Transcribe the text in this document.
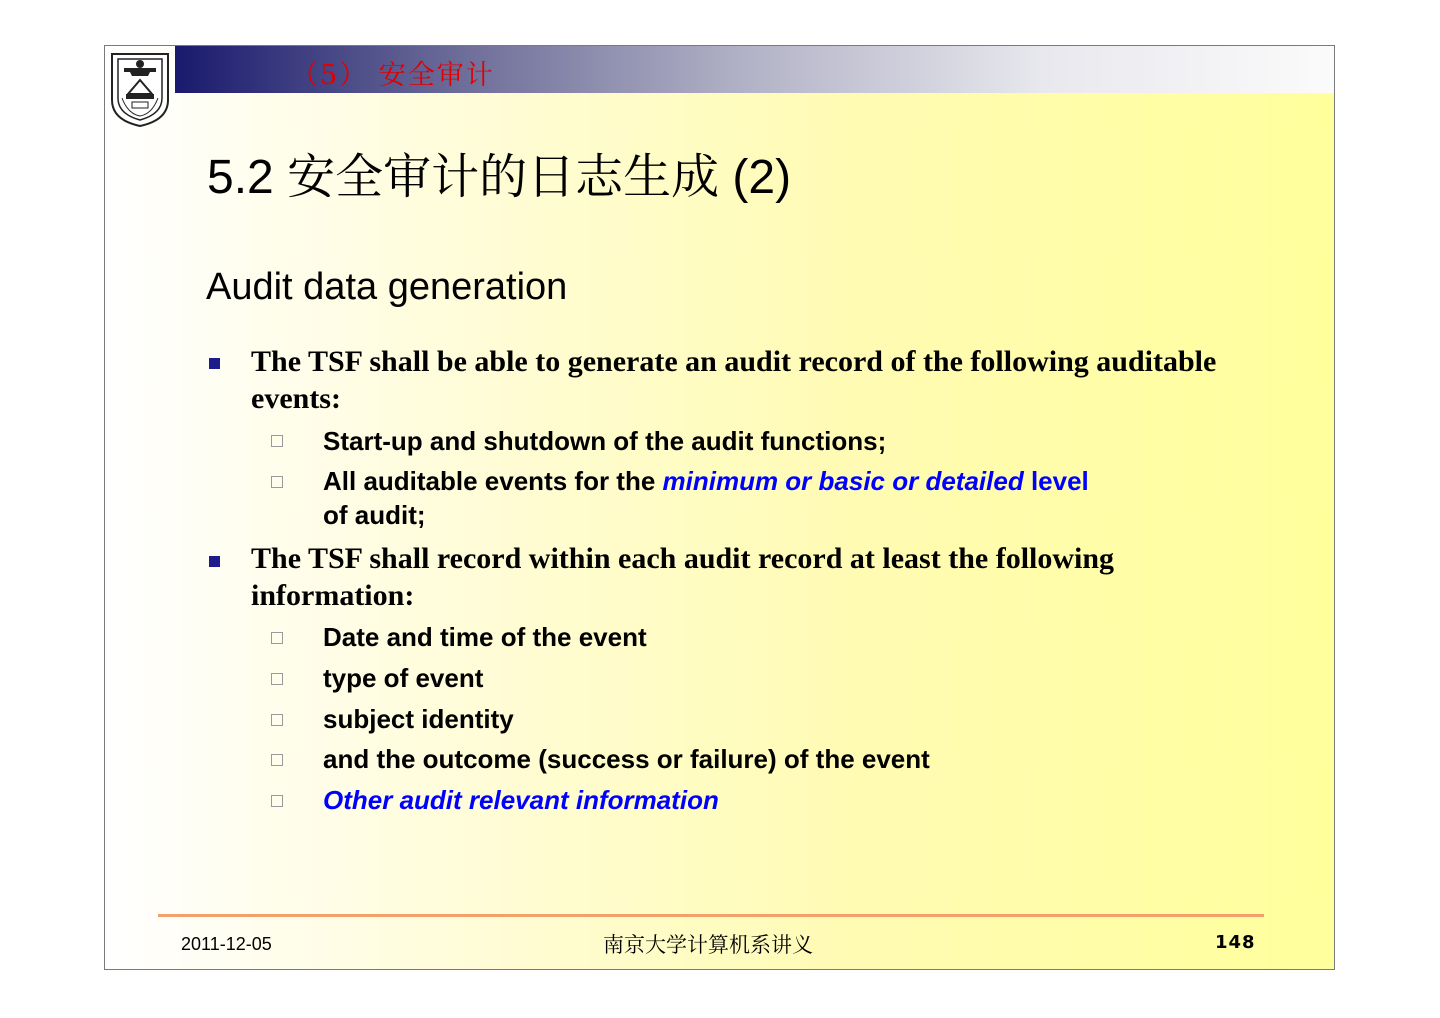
（5） 安全审计
5.2 安全审计的日志生成 (2)
Audit data generation
The TSF shall be able to generate an audit record of the following auditable events:
Start-up and shutdown of the audit functions;
All auditable events for the minimum or basic or detailed level
of audit;
The TSF shall record within each audit record at least the following information:
Date and time of the event
type of event
subject identity
and the outcome (success or failure) of the event
Other audit relevant information
2011-12-05	南京大学计算机系讲义	148
